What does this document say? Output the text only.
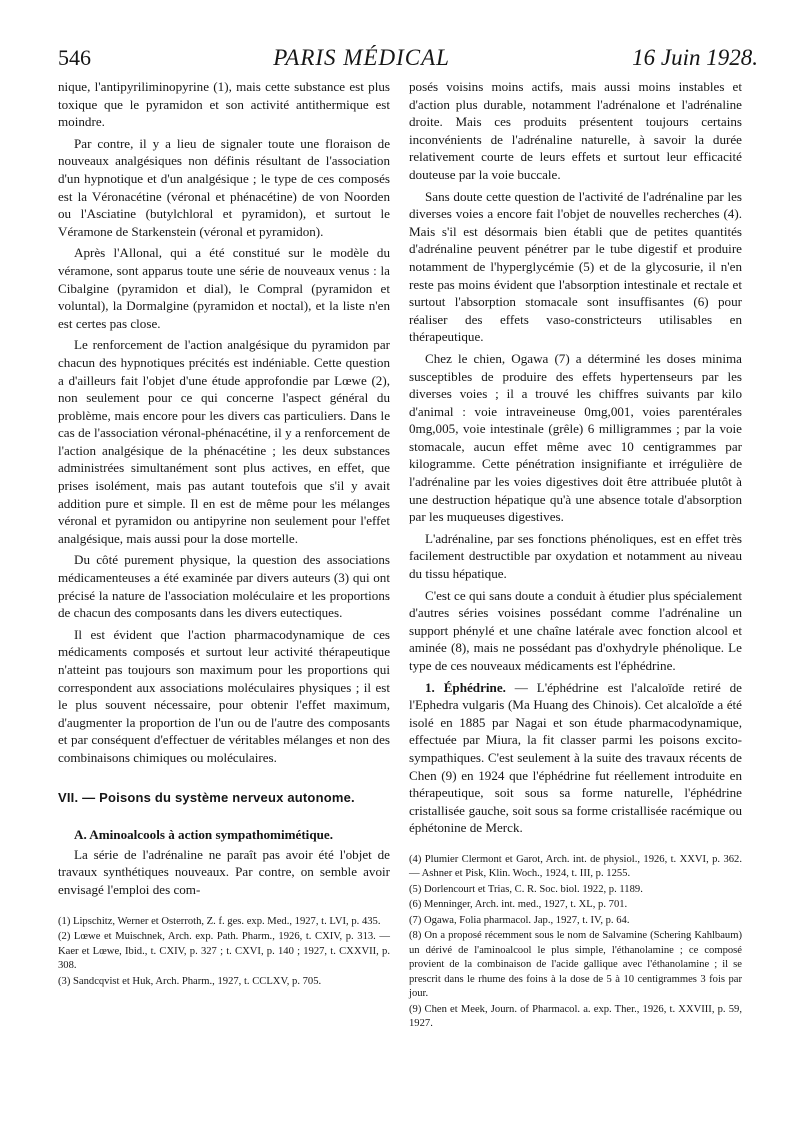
546	PARIS MÉDICAL	16 Juin 1928.

nique, l'antipyriliminopyrine (1), mais cette substance est plus toxique que le pyramidon et son activité antithermique est moindre.

Par contre, il y a lieu de signaler toute une floraison de nouveaux analgésiques non définis résultant de l'association d'un hypnotique et d'un analgésique ; le type de ces composés est la Véronacétine (véronal et phénacétine) de von Noorden ou l'Asciatine (butylchloral et pyramidon), et surtout le Véramone de Starkenstein (véronal et pyramidon).

Après l'Allonal, qui a été constitué sur le modèle du véramone, sont apparus toute une série de nouveaux venus : la Cibalgine (pyramidon et dial), le Compral (pyramidon et voluntal), la Dormalgine (pyramidon et noctal), et la liste n'en est certes pas close.

Le renforcement de l'action analgésique du pyramidon par chacun des hypnotiques précités est indéniable. Cette question a d'ailleurs fait l'objet d'une étude approfondie par Lœwe (2), non seulement pour ce qui concerne l'aspect général du problème, mais encore pour les divers cas particuliers. Dans le cas de l'association véronal-phénacétine, il y a renforcement de l'action analgésique de la phénacétine ; les deux substances administrées simultanément sont plus actives, en effet, que prises isolément, mais pas autant toutefois que s'il y avait addition pure et simple. Il en est de même pour les mélanges véronal et pyramidon ou antipyrine non seulement pour l'effet analgésique, mais aussi pour la dose mortelle.

Du côté purement physique, la question des associations médicamenteuses a été examinée par divers auteurs (3) qui ont précisé la nature de l'association moléculaire et les proportions de chacun des composants dans les divers eutectiques.

Il est évident que l'action pharmacodynamique de ces médicaments composés et surtout leur activité thérapeutique n'atteint pas toujours son maximum pour les proportions qui correspondent aux associations moléculaires physiques ; il est le plus souvent nécessaire, pour obtenir l'effet maximum, d'augmenter la proportion de l'un ou de l'autre des composants et par conséquent d'effectuer de véritables mélanges et non des combinaisons chimiques ou moléculaires.

VII. — Poisons du système nerveux autonome.
A. Aminoalcools à action sympathomimétique.

La série de l'adrénaline ne paraît pas avoir été l'objet de travaux synthétiques nouveaux. Par contre, on semble avoir envisagé l'emploi des com-

(1) Lipschitz, Werner et Osterroth, Z. f. ges. exp. Med., 1927, t. LVI, p. 435.

(2) Lœwe et Muischnek, Arch. exp. Path. Pharm., 1926, t. CXIV, p. 313. — Kaer et Lœwe, Ibid., t. CXIV, p. 327 ; t. CXVI, p. 140 ; 1927, t. CXXVII, p. 308.

(3) Sandcqvist et Huk, Arch. Pharm., 1927, t. CCLXV, p. 705.

posés voisins moins actifs, mais aussi moins instables et d'action plus durable, notamment l'adrénalone et l'adrénaline droite. Mais ces produits présentent toujours certains inconvénients de l'adrénaline naturelle, à savoir la durée relativement courte de leurs effets et surtout leur efficacité douteuse par la voie buccale.

Sans doute cette question de l'activité de l'adrénaline par les diverses voies a encore fait l'objet de nouvelles recherches (4). Mais s'il est désormais bien établi que de petites quantités d'adrénaline peuvent pénétrer par le tube digestif et produire notamment de l'hyperglycémie (5) et de la glycosurie, il n'en reste pas moins évident que l'absorption intestinale et rectale et surtout l'absorption stomacale sont insuffisantes (6) pour réaliser des effets vaso-constricteurs utilisables en thérapeutique.

Chez le chien, Ogawa (7) a déterminé les doses minima susceptibles de produire des effets hypertenseurs par les diverses voies ; il a trouvé les chiffres suivants par kilo d'animal : voie intraveineuse 0mg,001, voies parentérales 0mg,005, voie intestinale (grêle) 6 milligrammes ; par la voie stomacale, aucun effet même avec 10 centigrammes par kilogramme. Cette pénétration insignifiante et irrégulière de l'adrénaline par les voies digestives doit être attribuée plutôt à une destruction hépatique qu'à une absence totale d'absorption par les muqueuses digestives.

L'adrénaline, par ses fonctions phénoliques, est en effet très facilement destructible par oxydation et notamment au niveau du tissu hépatique.

C'est ce qui sans doute a conduit à étudier plus spécialement d'autres séries voisines possédant comme l'adrénaline un support phénylé et une chaîne latérale avec fonction alcool et aminée (8), mais ne possédant pas d'oxhydryle phénolique. Le type de ces nouveaux médicaments est l'éphédrine.

1. Éphédrine. — L'éphédrine est l'alcaloïde retiré de l'Ephedra vulgaris (Ma Huang des Chinois). Cet alcaloïde a été isolé en 1885 par Nagai et son étude pharmacodynamique, effectuée par Miura, la fit classer parmi les poisons excito-sympathiques. C'est seulement à la suite des travaux récents de Chen (9) en 1924 que l'éphédrine fut réellement introduite en thérapeutique, soit sous sa forme naturelle, l'éphédrine cristallisée gauche, soit sous sa forme cristallisée racémique ou éphétonine de Merck.

(4) Plumier Clermont et Garot, Arch. int. de physiol., 1926, t. XXVI, p. 362. — Ashner et Pisk, Klin. Woch., 1924, t. III, p. 1255.

(5) Dorlencourt et Trias, C. R. Soc. biol. 1922, p. 1189.

(6) Menninger, Arch. int. med., 1927, t. XL, p. 701.

(7) Ogawa, Folia pharmacol. Jap., 1927, t. IV, p. 64.

(8) On a proposé récemment sous le nom de Salvamine (Schering Kahlbaum) un dérivé de l'aminoalcool le plus simple, l'éthanolamine ; ce composé provient de la combinaison de l'acide gallique avec l'éthanolamine ; il se prescrit dans le rhume des foins à la dose de 5 à 10 centigrammes 3 fois par jour.

(9) Chen et Meek, Journ. of Pharmacol. a. exp. Ther., 1926, t. XXVIII, p. 59, 1927.
